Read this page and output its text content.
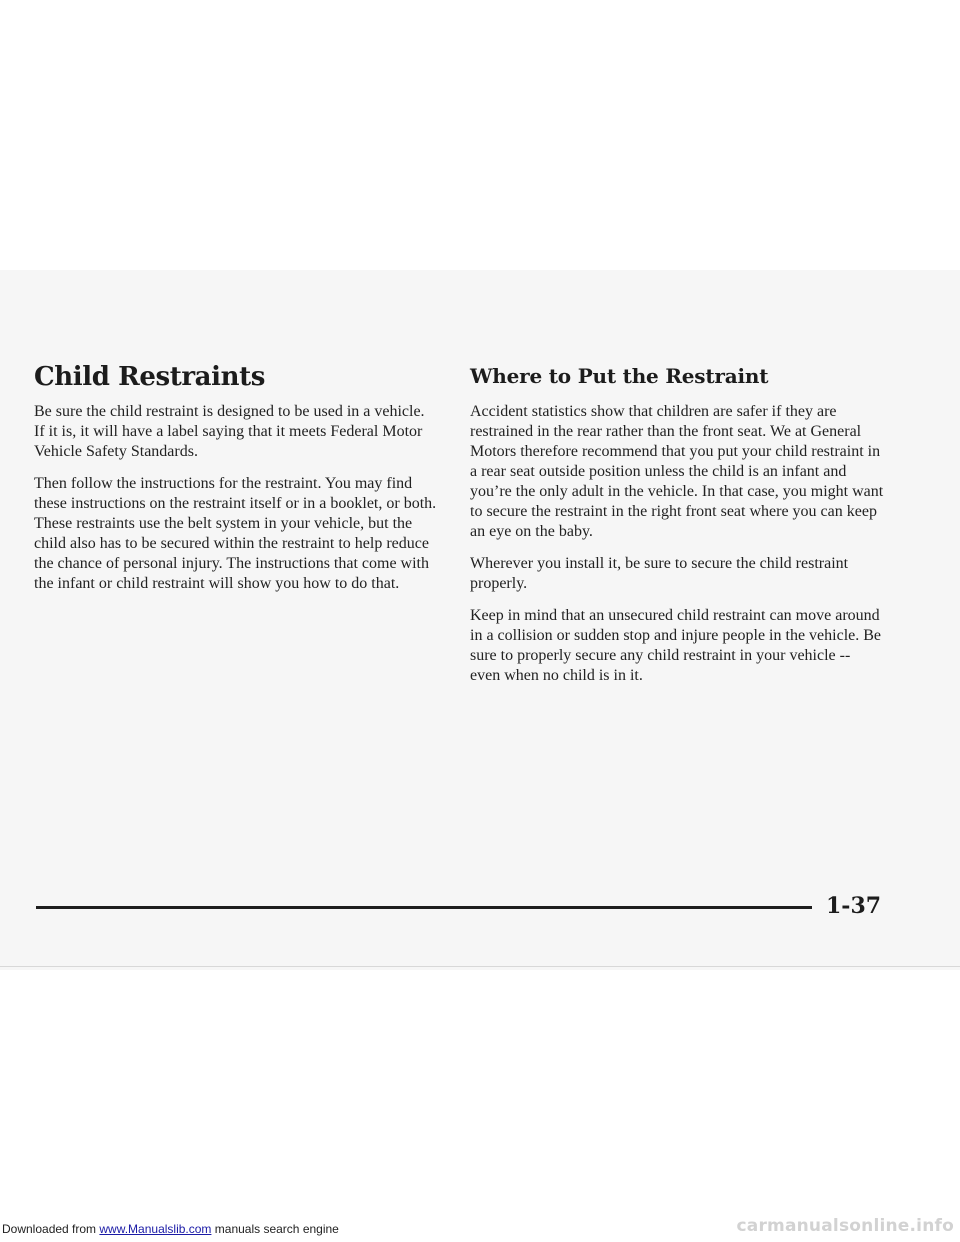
Child Restraints

Be sure the child restraint is designed to be used in a vehicle. If it is, it will have a label saying that it meets Federal Motor Vehicle Safety Standards.

Then follow the instructions for the restraint. You may find these instructions on the restraint itself or in a booklet, or both. These restraints use the belt system in your vehicle, but the child also has to be secured within the restraint to help reduce the chance of personal injury. The instructions that come with the infant or child restraint will show you how to do that.

Where to Put the Restraint

Accident statistics show that children are safer if they are restrained in the rear rather than the front seat. We at General Motors therefore recommend that you put your child restraint in a rear seat outside position unless the child is an infant and you’re the only adult in the vehicle. In that case, you might want to secure the restraint in the right front seat where you can keep an eye on the baby.

Wherever you install it, be sure to secure the child restraint properly.

Keep in mind that an unsecured child restraint can move around in a collision or sudden stop and injure people in the vehicle. Be sure to properly secure any child restraint in your vehicle -- even when no child is in it.

1-37
Downloaded from www.Manualslib.com manuals search engine	carmanualsonline.info
